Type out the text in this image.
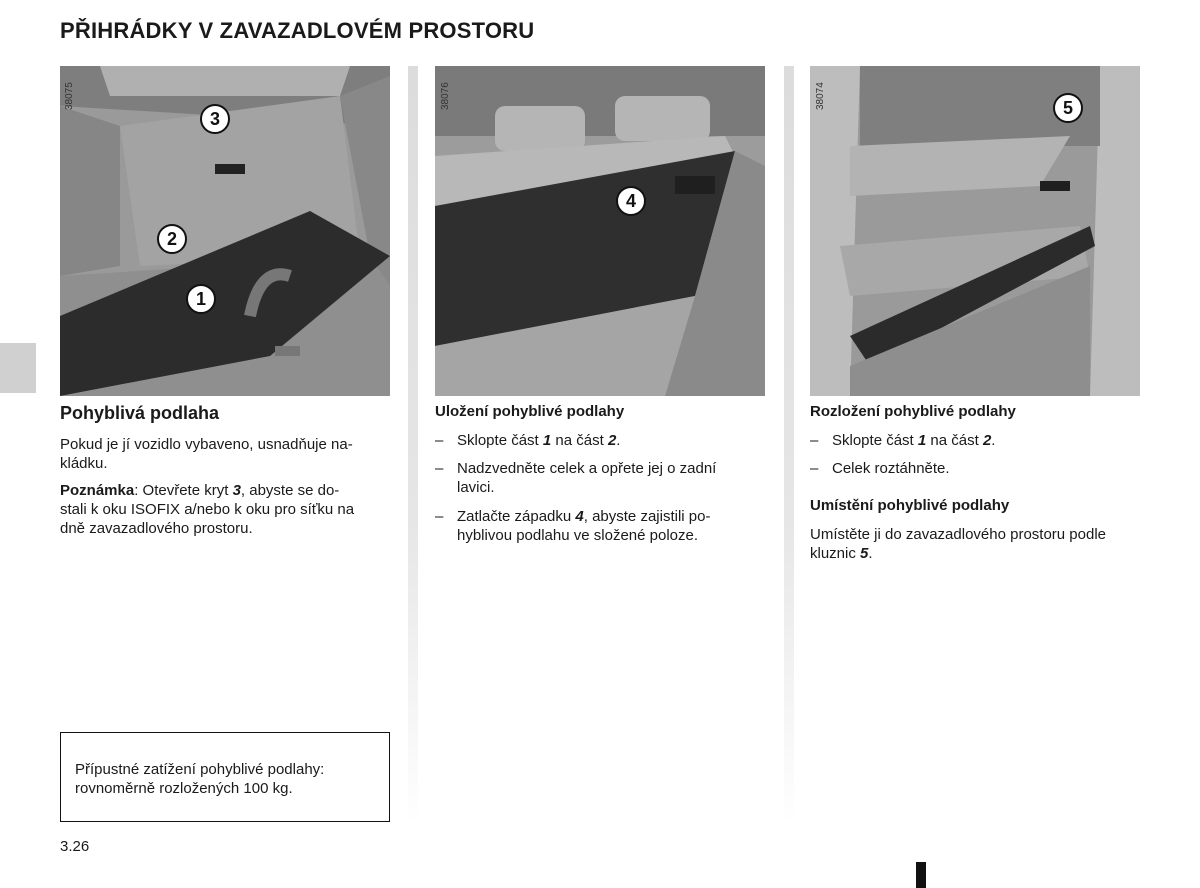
PŘIHRÁDKY V ZAVAZADLOVÉM PROSTORU
38075
3
2
1
38076
4
38074	5
Pohyblivá podlaha
Pokud je jí vozidlo vybaveno, usnadňuje na-
kládku.
Poznámka: Otevřete kryt 3, abyste se do-
stali k oku ISOFIX a/nebo k oku pro síťku na
dně zavazadlového prostoru.

Přípustné zatížení pohyblivé podlahy:
rovnoměrně rozložených 100 kg.

Uložení pohyblivé podlahy
– Sklopte část 1 na část 2.
– Nadzvedněte celek a opřete jej o zadní
lavici.
– Zatlačte západku 4, abyste zajistili po-
hyblivou podlahu ve složené poloze.
Rozložení pohyblivé podlahy
– Sklopte část 1 na část 2.
– Celek roztáhněte.
Umístění pohyblivé podlahy
Umístěte ji do zavazadlového prostoru podle
kluznic 5.
3.26
